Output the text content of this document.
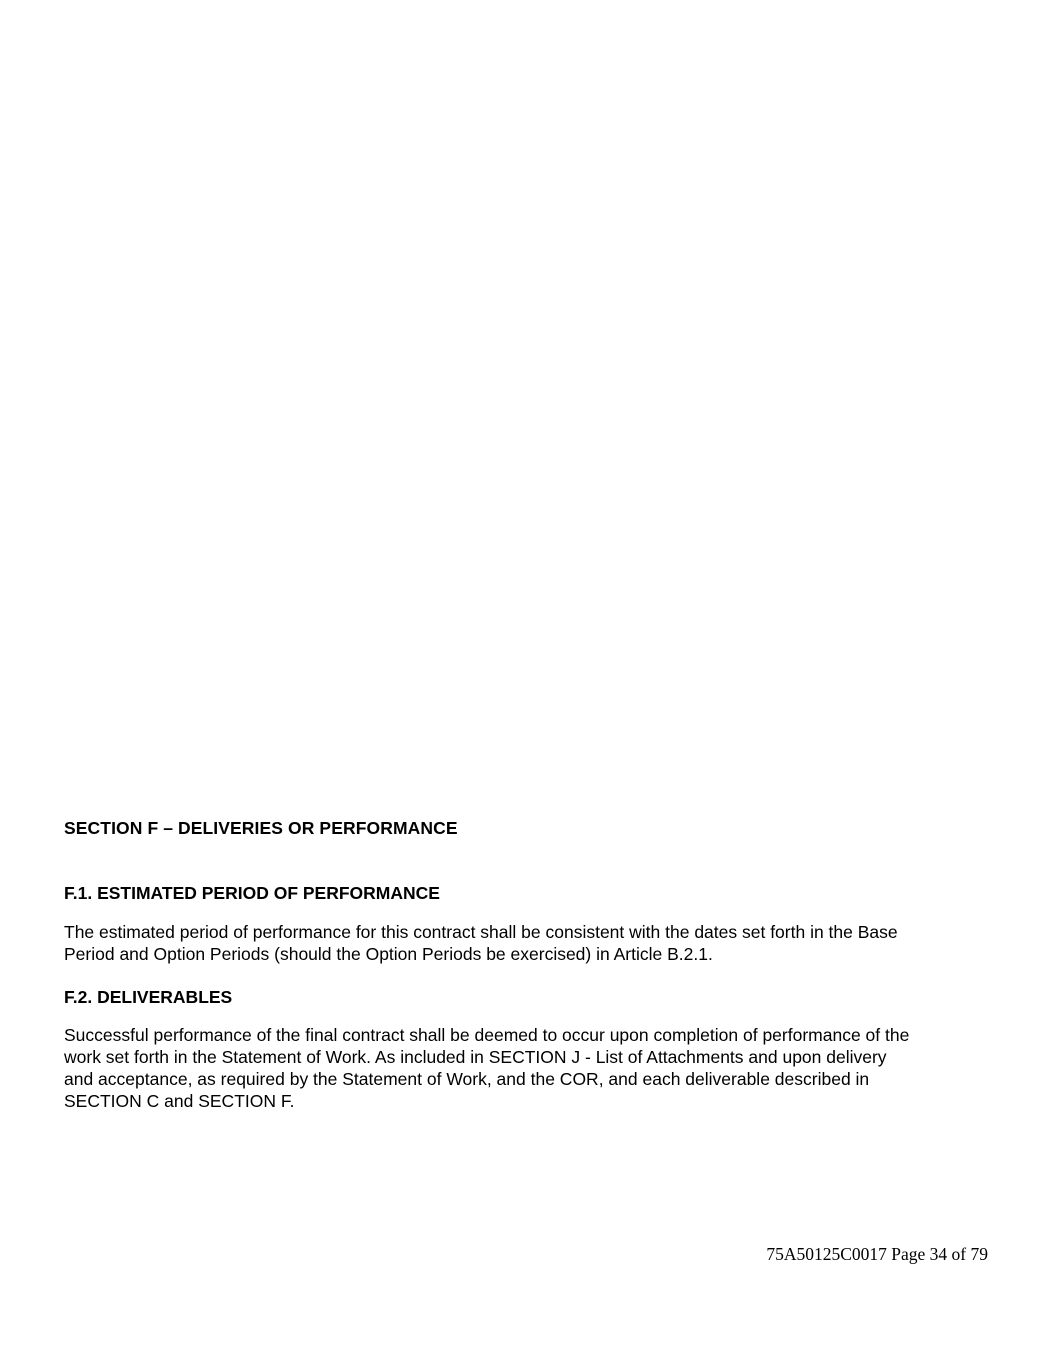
SECTION F – DELIVERIES OR PERFORMANCE
F.1. ESTIMATED PERIOD OF PERFORMANCE

The estimated period of performance for this contract shall be consistent with the dates set forth in the Base
Period and Option Periods (should the Option Periods be exercised) in Article B.2.1.

F.2. DELIVERABLES

Successful performance of the final contract shall be deemed to occur upon completion of performance of the
work set forth in the Statement of Work. As included in SECTION J - List of Attachments and upon delivery
and acceptance, as required by the Statement of Work, and the COR, and each deliverable described in
SECTION C and SECTION F.

75A50125C0017 Page 34 of 79
